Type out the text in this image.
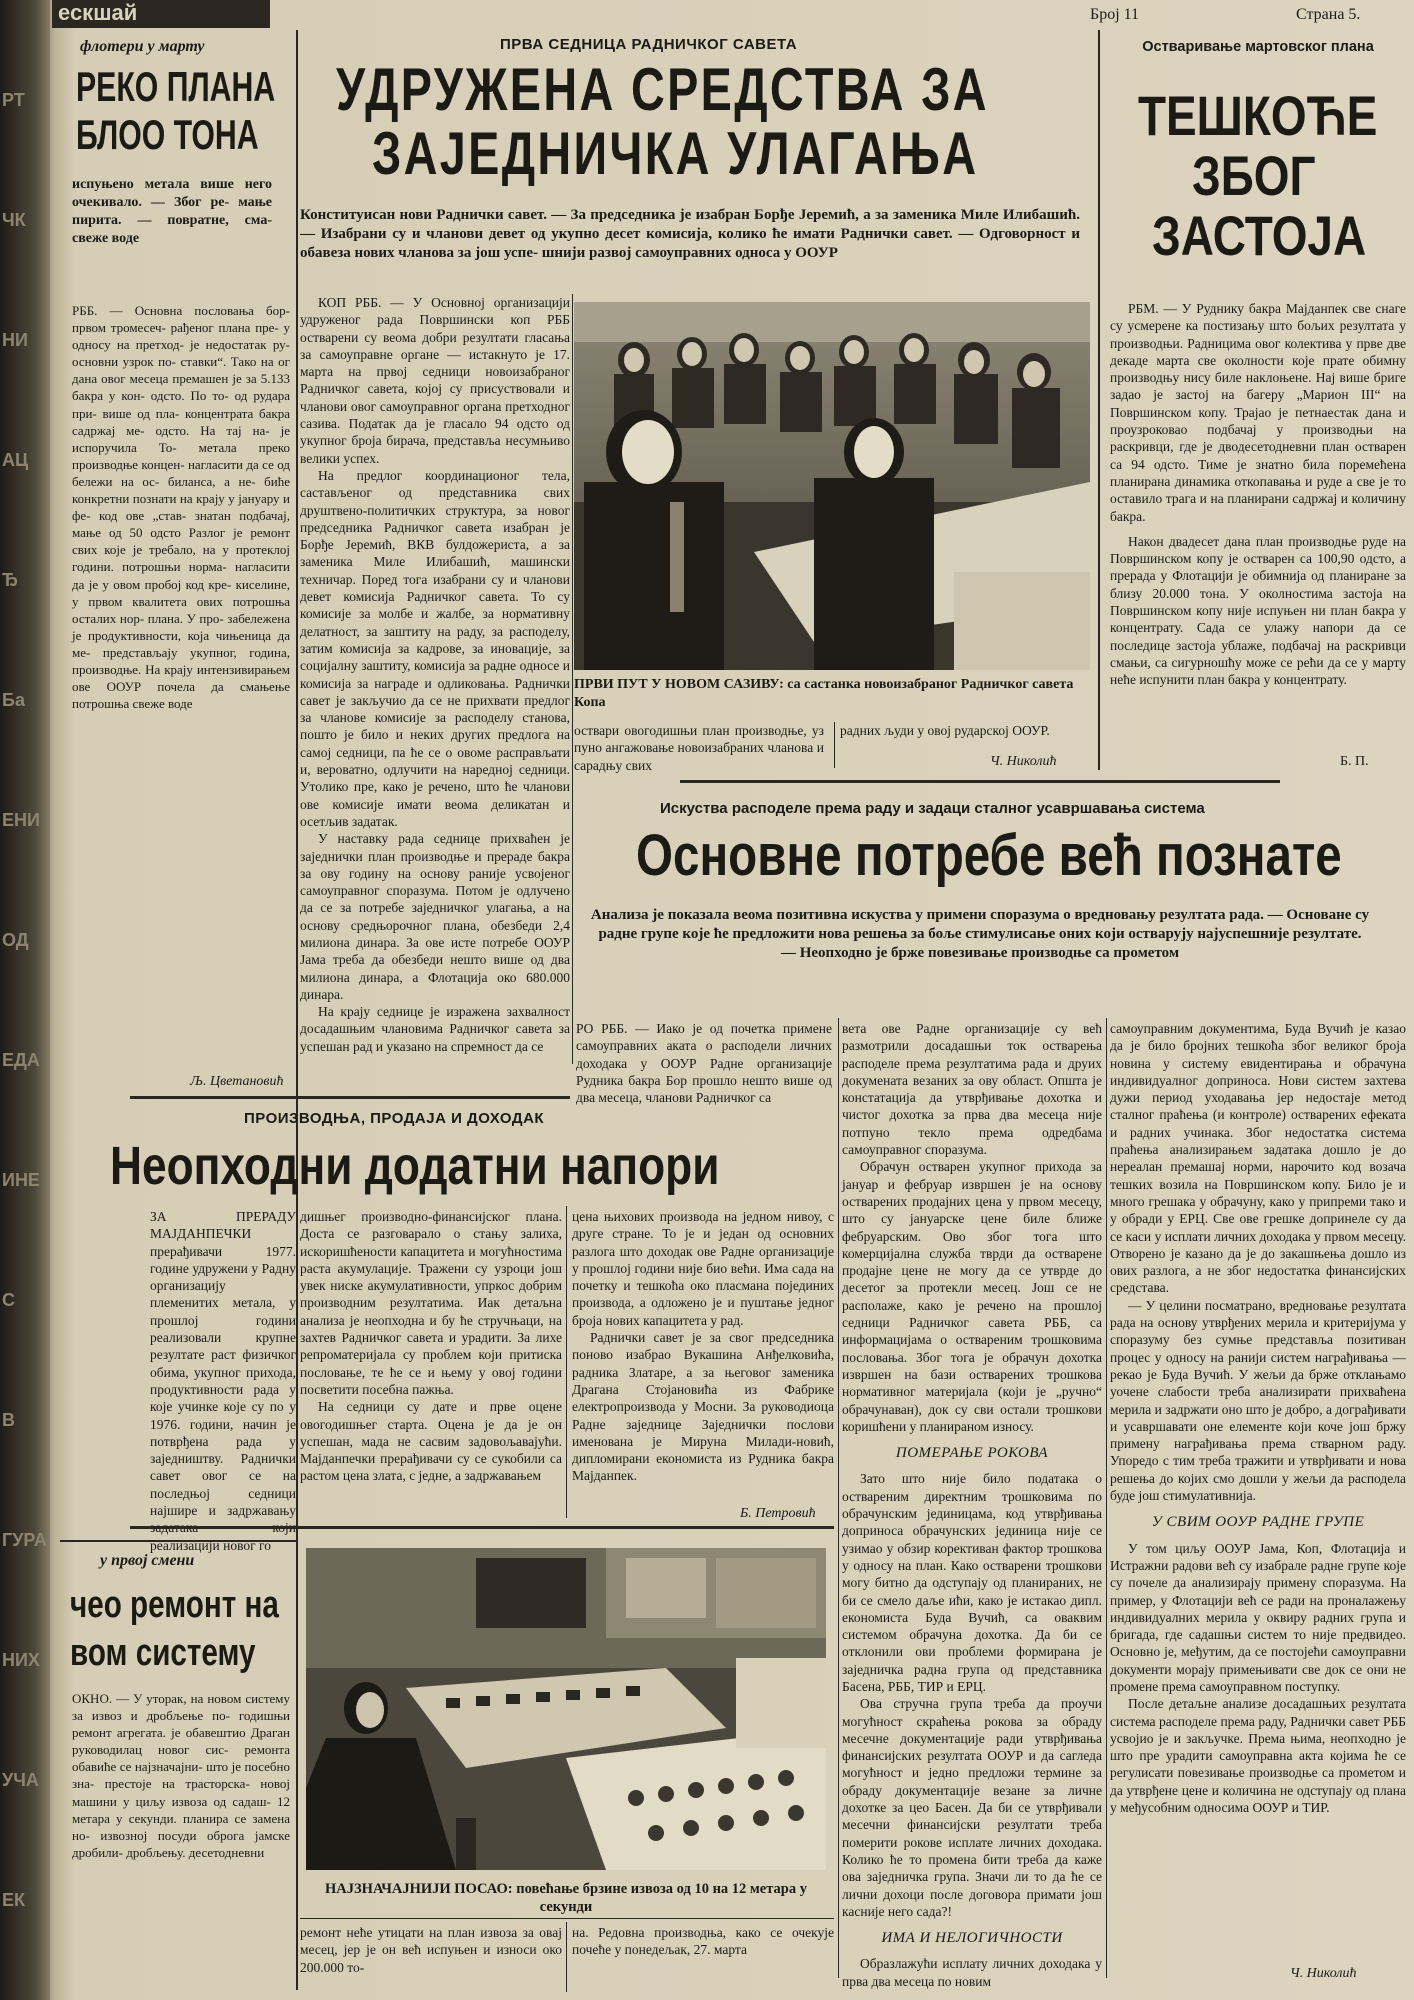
ескшай	Број 11	Страна 5.
РТ
ЧК
НИ
АЦ
Ђ
Ба
ЕНИ
ОД
ЕДА
ИНЕ
С
В
ГУРА
НИХ
УЧА
ЕК
флотери у марту
РЕКО ПЛАНА
БЛОО ТОНА
испуњено метала више него очекивало. — Због ре- мање пирита. — повратне, сма- свеже воде
РББ. — Основна пословања бор- првом тромесеч- рађеног плана пре- у односу на претход- је недостатак ру- основни узрок по- ставки“. Тако на ог дана овог месеца премашен је за 5.133 бакра у кон- одсто. По то- од рудара при- више од пла- концентрата бакра садржај ме- одсто. На тај на- је испоручила То- метала преко производње концен- нагласити да се од бележи на ос- биланса, а не- биће конкретни познати на крају у јануару и фе- код ове „став- знатан подбачај, мање од 50 одсто Разлог је ремонт свих које је требало, на у протеклој години. потрошњи норма- нагласити да је у овом пробој код кре- киселине, у првом квалитета ових потрошња осталих нор- плана. У про- забележена је продуктивности, која чињеница да ме- представљају укупног, година, производње. На крају интензивирањем ове ООУР почела да смањење потрошња свеже воде
Љ. Цветановић
у првој смени
чео ремонт на
вом систему
ОКНО. — У уторак, на новом систему за извоз и дробљење по- годишњи ремонт агрегата. је обавештио Драган руководилац новог сис- ремонта обавиће се најзначајни- што је посебно зна- престоје на трасторска- новој машини у циљу извоза од садаш- 12 метара у секунди. планира се замена но- извозној посуди оброга јамске дробили- дробљењу. десетодневни
ПРВА СЕДНИЦА РАДНИЧКОГ САВЕТА
УДРУЖЕНА СРЕДСТВА ЗА
ЗАЈЕДНИЧКА УЛАГАЊА
Конституисан нови Раднички савет. — За председника је изабран Борђе Јеремић, а за заменика Миле Илибашић. — Изабрани су и чланови девет од укупно десет комисија, колико ће имати Раднички савет. — Одговорност и обавеза нових чланова за још успе- шнији развој самоуправних односа у ООУР

КОП РББ. — У Основној организацији удруженог рада Површински коп РББ остварени су веома добри резултати гласања за самоуправне органе — истакнуто је 17. марта на првој седници новоизабраног Радничког савета, којој су присуствовали и чланови овог самоуправног органа претходног сазива. Податак да је гласало 94 одсто од укупног броја бирача, представља несумњиво велики успех.

На предлог координационог тела, састављеног од представника свих друштвено-политичких структура, за новог председника Радничког савета изабран је Борђе Јеремић, ВКВ булдожериста, а за заменика Миле Илибашић, машински техничар. Поред тога изабрани су и чланови девет комисија Радничког савета. То су комисије за молбе и жалбе, за нормативну делатност, за заштиту на раду, за расподелу, затим комисија за кадрове, за иновације, за социјалну заштиту, комисија за радне односе и комисија за награде и одликовања. Раднички савет је закључио да се не прихвати предлог за чланове комисије за расподелу станова, пошто је било и неких других предлога на самој седници, па ће се о овоме расправљати и, вероватно, одлучити на наредној седници. Утолико пре, како је речено, што ће чланови ове комисије имати веома деликатан и осетљив задатак.

У наставку рада седнице прихваћен је заједнички план производње и прераде бакра за ову годину на основу раније усвојеног самоуправног споразума. Потом је одлучено да се за потребе заједничког улагања, а на основу средњорочног плана, обезбеди 2,4 милиона динара. За ове исте потребе ООУР Јама треба да обезбеди нешто више од два милиона динара, а Флотација око 680.000 динара.

На крају седнице је изражена захвалност досадашњим члановима Радничког савета за успешан рад и указано на спремност да се

ПРВИ ПУТ У НОВОМ САЗИВУ: са састанка новоизабраног Радничког савета Копа
оствари овогодишњи план производње, уз пуно ангажовање новоизабраних чланова и сарадњу свих
радних људи у овој рударској ООУР.
Ч. Николић
Остваривање мартовског плана
ТЕШКОЋЕ
ЗБОГ
ЗАСТОЈА

РБМ. — У Руднику бакра Мајданпек све снаге су усмерене ка постизању што бољих резултата у производњи. Радницима овог колектива у прве две декаде марта све околности које прате обимну производњу нису биле наклоњене. Нај више бриге задао је застој на багеру „Марион III“ на Површинском копу. Трајао је петнаестак дана и проузроковао подбачај у производњи на раскривци, где је дводесетодневни план остварен са 94 одсто. Тиме је знатно била поремећена планирана динамика откопавања и руде а све је то оставило трага и на планирани садржај и количину бакра.

Након двадесет дана план производње руде на Површинском копу је остварен са 100,90 одсто, а прерада у Флотацији је обимнија од планиране за близу 20.000 тона. У околностима застоја на Површинском копу није испуњен ни план бакра у концентрату. Сада се улажу напори да се последице застоја ублаже, подбачај на раскривци смањи, са сигурношћу може се рећи да се у марту неће испунити план бакра у концентрату.

Б. П.
Искуства расподеле према раду и задаци сталног усавршавања система
Основне потребе већ познате
Анализа је показала веома позитивна искуства у примени споразума о вредновању резултата рада. — Основане су радне групе које ће предложити нова решења за боље стимулисање оних који остварују најуспешније резултате. — Неопходно је брже повезивање производње са прометом
РО РББ. — Иако је од почетка примене самоуправних аката о расподели личних доходака у ООУР Радне организације Рудника бакра Бор прошло нешто више од два месеца, чланови Радничког са

вета ове Радне организације су већ размотрили досадашњи ток остварења расподеле према резултатима рада и друих докумената везаних за ову област. Општа је констатација да утврђивање дохотка и чистог дохотка за прва два месеца није потпуно текло према одредбама самоуправног споразума.

Обрачун остварен укупног прихода за јануар и фебруар извршен је на основу остварених продајних цена у првом месецу, што су јануарске цене биле ближе фебруарским. Ово због тога што комерцијална служба тврди да остварене продајне цене не могу да се утврде до десетог за протекли месец. Још се не располаже, како је речено на прошлој седници Радничког савета РББ, са информацијама о оствареним трошковима пословања. Због тога је обрачун дохотка извршен на бази остварених трошкова нормативног материјала (који је „ручно“ обрачунаван), док су сви остали трошкови коришћени у планираном износу.

ПОМЕРАЊЕ РОКОВА

Зато што није било података о оствареним директним трошковима по обрачунским јединицама, код утврђивања доприноса обрачунских јединица није се узимао у обзир корективан фактор трошкова у односу на план. Како остварени трошкови могу битно да одступају од планираних, не би се смело даље ићи, како је истакао дипл. економиста Буда Вучић, са оваквим системом обрачуна дохотка. Да би се отклонили ови проблеми формирана је заједничка радна група од представника Басена, РББ, ТИР и ЕРЦ.

Ова стручна група треба да проучи могућност скраћења рокова за обраду месечне документације ради утврђивања финансијских резултата ООУР и да сагледа могућност и једно предложи термине за обраду документације везане за личне дохотке за цео Басен. Да би се утврђивали месечни финансијски резултати треба померити рокове исплате личних доходака. Колико ће то промена бити треба да каже ова заједничка група. Значи ли то да ће се лични дохоци после договора примати још касније него сада?!

ИМА И НЕЛОГИЧНОСТИ

Образлажући исплату личних доходака у прва два месеца по новим

самоуправним документима, Буда Вучић је казао да је било бројних тешкоћа због великог броја новина у систему евидентирања и обрачуна индивидуалног доприноса. Нови систем захтева дужи период уходавања јер недостаје метод сталног праћења (и контроле) остварених ефеката и радних учинака. Због недостатка система праћења анализирањем задатака дошло је до нереалан премашај норми, нарочито код возача тешких возила на Површинском копу. Било је и много грешака у обрачуну, како у припреми тако и у обради у ЕРЦ. Све ове грешке допринеле су да се каси у исплати личних доходака у првом месецу. Отворено је казано да је до закашњења дошло из ових разлога, а не због недостатка финансијских средстава.

— У целини посматрано, вредновање резултата рада на основу утврђених мерила и критеријума у споразуму без сумње представља позитиван процес у односу на ранији систем награђивања — рекао је Буда Вучић. У жељи да брже отклањамо уочене слабости треба анализирати прихваћена мерила и задржати оно што је добро, а дограђивати и усавршавати оне елементе који коче још бржу примену награђивања према стварном раду. Упоредо с тим треба тражити и утврђивати и нова решења до којих смо дошли у жељи да расподела буде још стимулативнија.

У СВИМ ООУР РАДНЕ ГРУПЕ

У том циљу ООУР Јама, Коп, Флотација и Истражни радови већ су изабрале радне групе које су почеле да анализирају примену споразума. На пример, у Флотацији већ се ради на проналажењу индивидуалних мерила у оквиру радних група и бригада, где садашњи систем то није предвидео. Основно је, међутим, да се постојећи самоуправни документи морају примењивати све док се они не промене према самоуправном поступку.

После детаљне анализе досадашњих резултата система расподеле према раду, Раднички савет РББ усвојио је и закључке. Према њима, неопходно је што пре урадити самоуправна акта којима ће се регулисати повезивање производње са прометом и да утврђене цене и количина не одступају од плана у међусобним односима ООУР и ТИР.

Ч. Николић
ПРОИЗВОДЊА, ПРОДАЈА И ДОХОДАК
Неопходни додатни напори
ЗА ПРЕРАДУ МАЈДАНПЕЧКИ прерађивачи 1977. године удружени у Радну организацију племенитих метала, у прошлој години реализовали крупне резултате раст физичког обима, укупног прихода, продуктивности рада у које учинке које су по у 1976. години, начин је потврђена рада у заједништву. Раднички савет овог се на последњој седници најшире и задржавању реализацији новог го

дишњег производно-финансијског плана. Доста се разговарало о стању залиха, искоришћености капацитета и могућностима раста акумулације. Тражени су узроци још увек ниске акумулативности, упркос добрим производним резултатима. Иак детаљна анализа је неопходна и бу ће стручњаци, на захтев Радничког савета и урадити. За лихе репроматеријала су проблем који притиска пословање, те ће се и њему у овој години посветити посебна пажња.

На седници су дате и прве оцене овогодишњег старта. Оцена је да је он успешан, мада не сасвим задовољавајући. Мајданпечки прерађивачи су се сукобили са растом цена злата, с једне, а задржавањем

цена њихових производа на једном нивоу, с друге стране. То је и један од основних разлога што доходак ове Радне организације у прошлој години није био већи. Има сада на почетку и тешкоћа око пласмана појединих производа, а одложено је и пуштање једног броја нових капацитета у рад.

Раднички савет је за свог председника поново изабрао Вукашина Анђелковића, радника Златаре, а за његовог заменика Драгана Стојановића из Фабрике електропроизвода у Мосни. За руководиоца Радне заједнице Заједнички послови именована је Мируна Милади-новић, дипломирани економиста из Рудника бакра Мајданпек.

Б. Петровић
НАЈЗНАЧАЈНИЈИ ПОСАО: повећање брзине извоза од 10 на 12 метара у секунди
ремонт неће утицати на план извоза за овај месец, јер је он већ испуњен и износи око 200.000 то-
на. Редовна производња, како се очекује почеће у понедељак, 27. марта
